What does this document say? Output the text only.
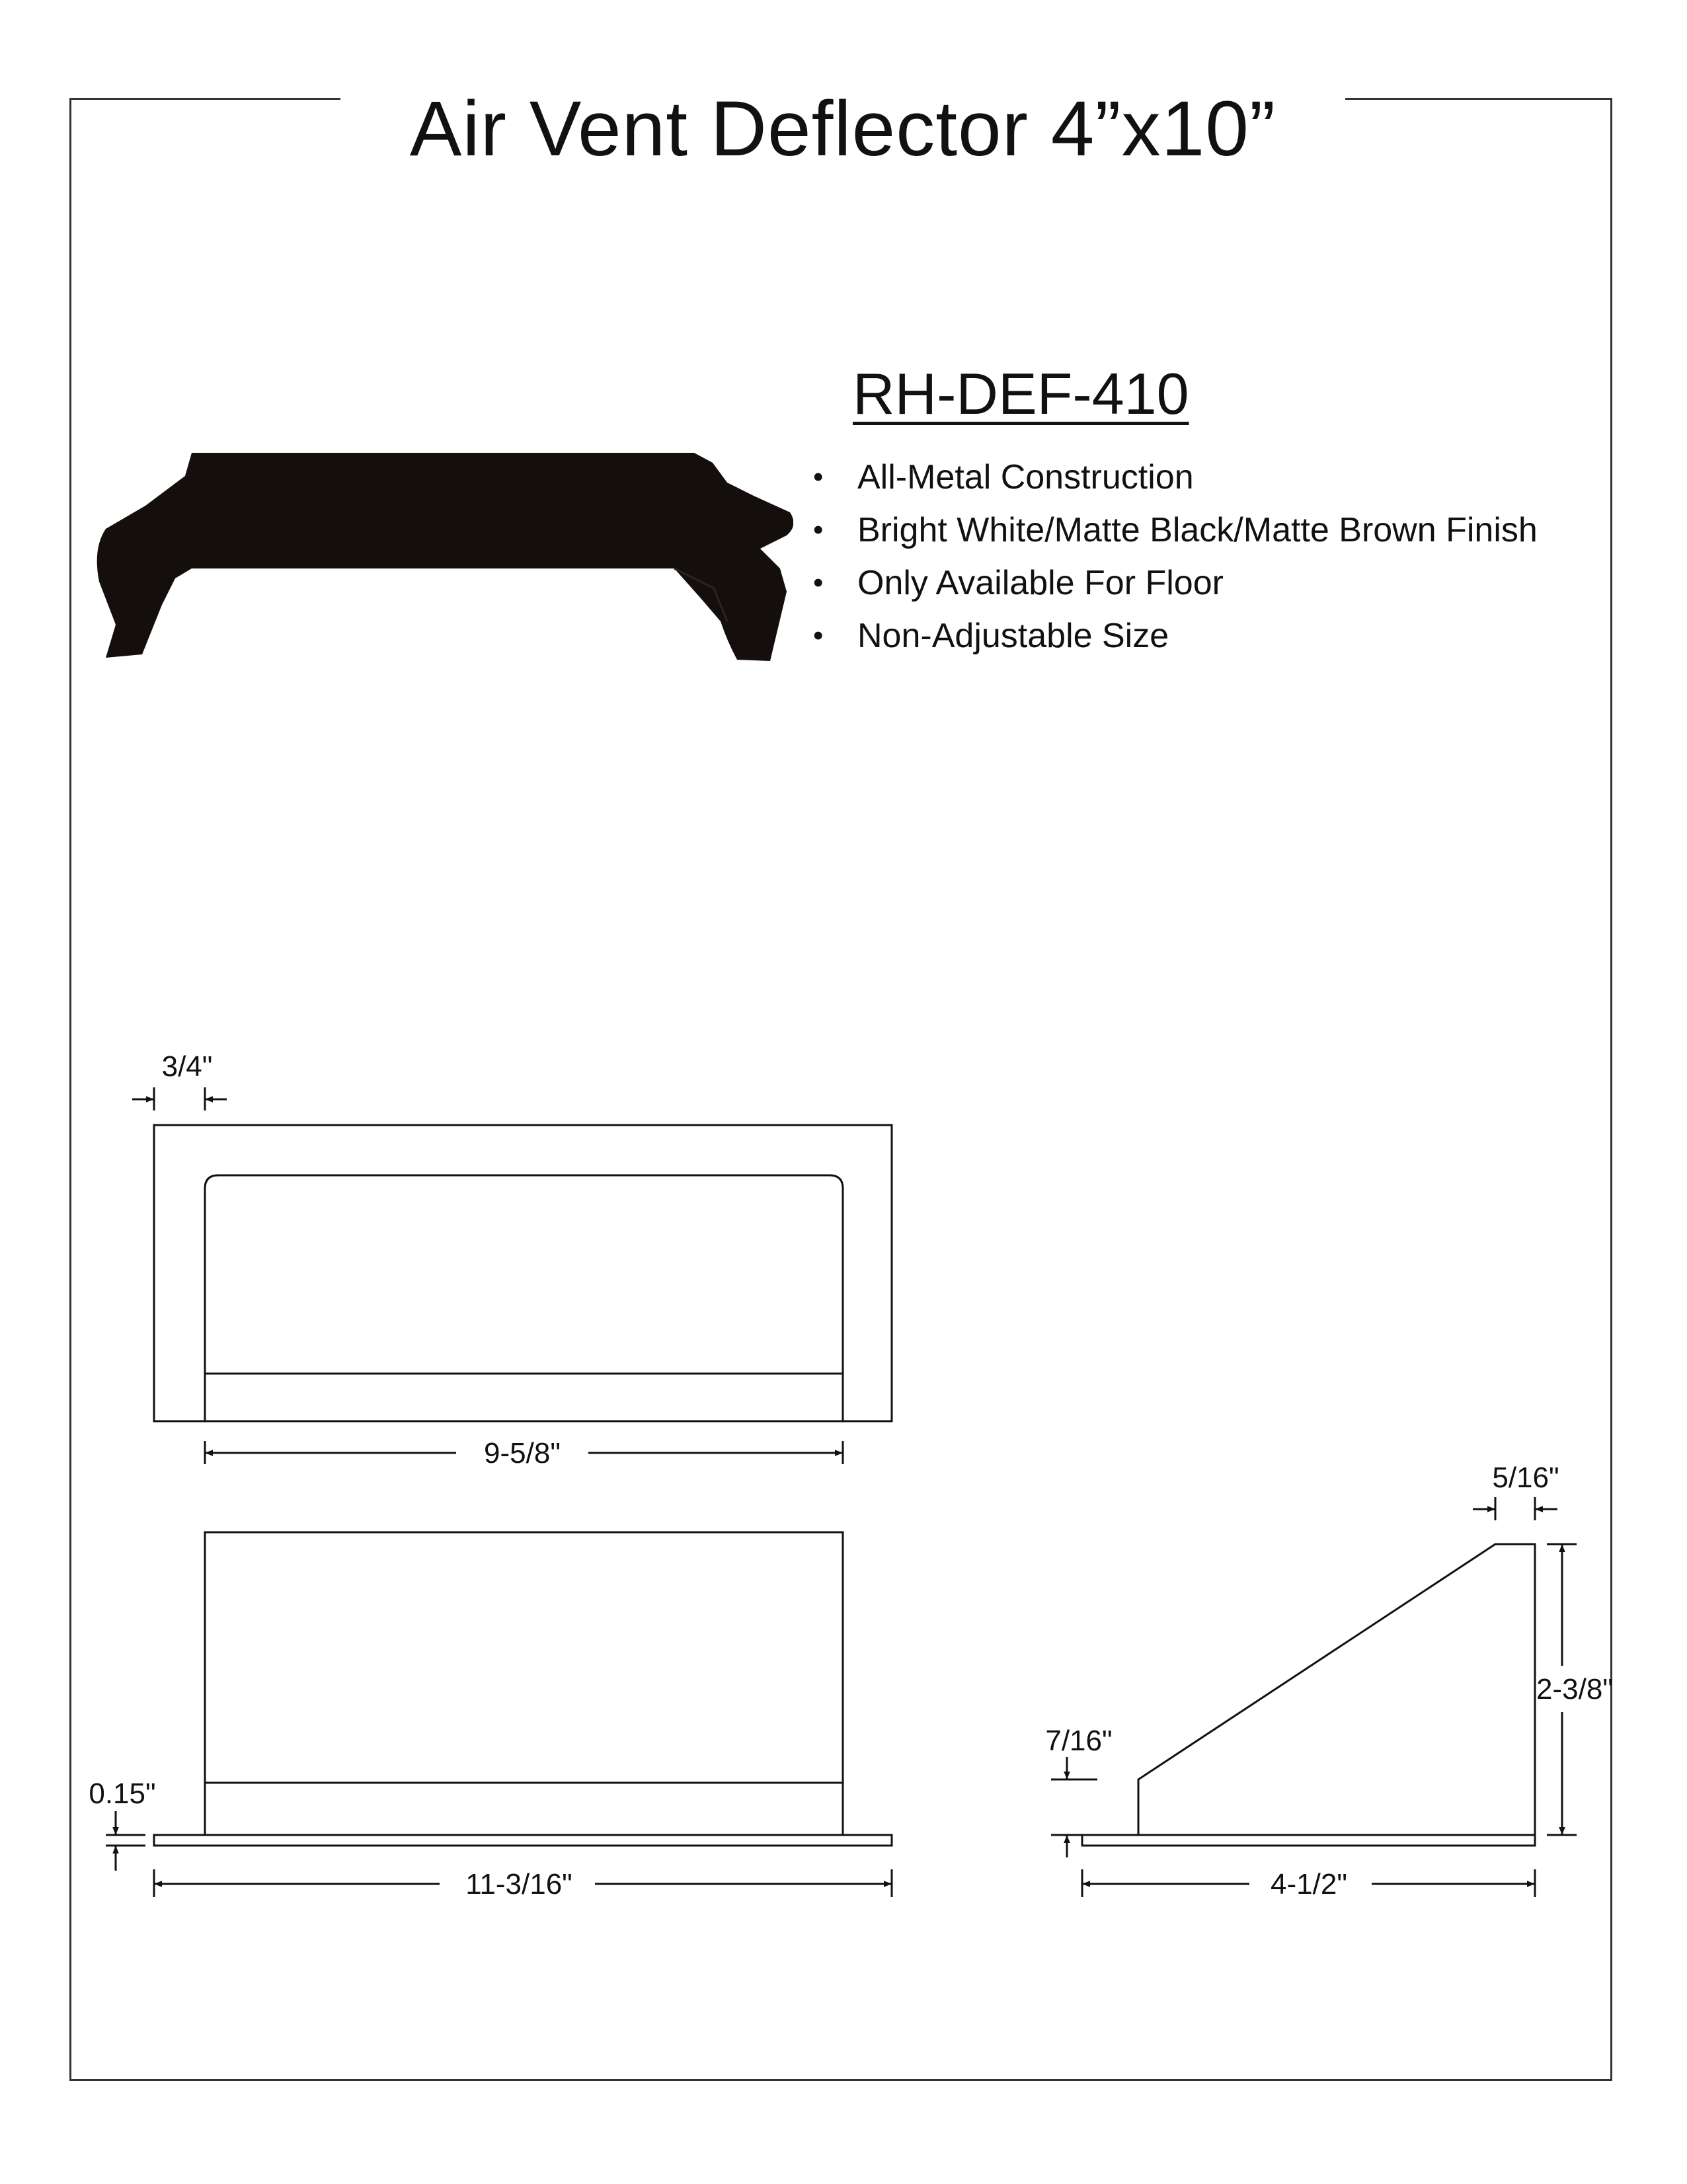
Air Vent Deflector 4”x10”
RH-DEF-410
• All-Metal Construction
• Bright White/Matte Black/Matte Brown Finish
• Only Available For Floor
• Non-Adjustable Size
3/4"
9-5/8"
0.15"
11-3/16"
5/16"
2-3/8"
7/16"
4-1/2"
